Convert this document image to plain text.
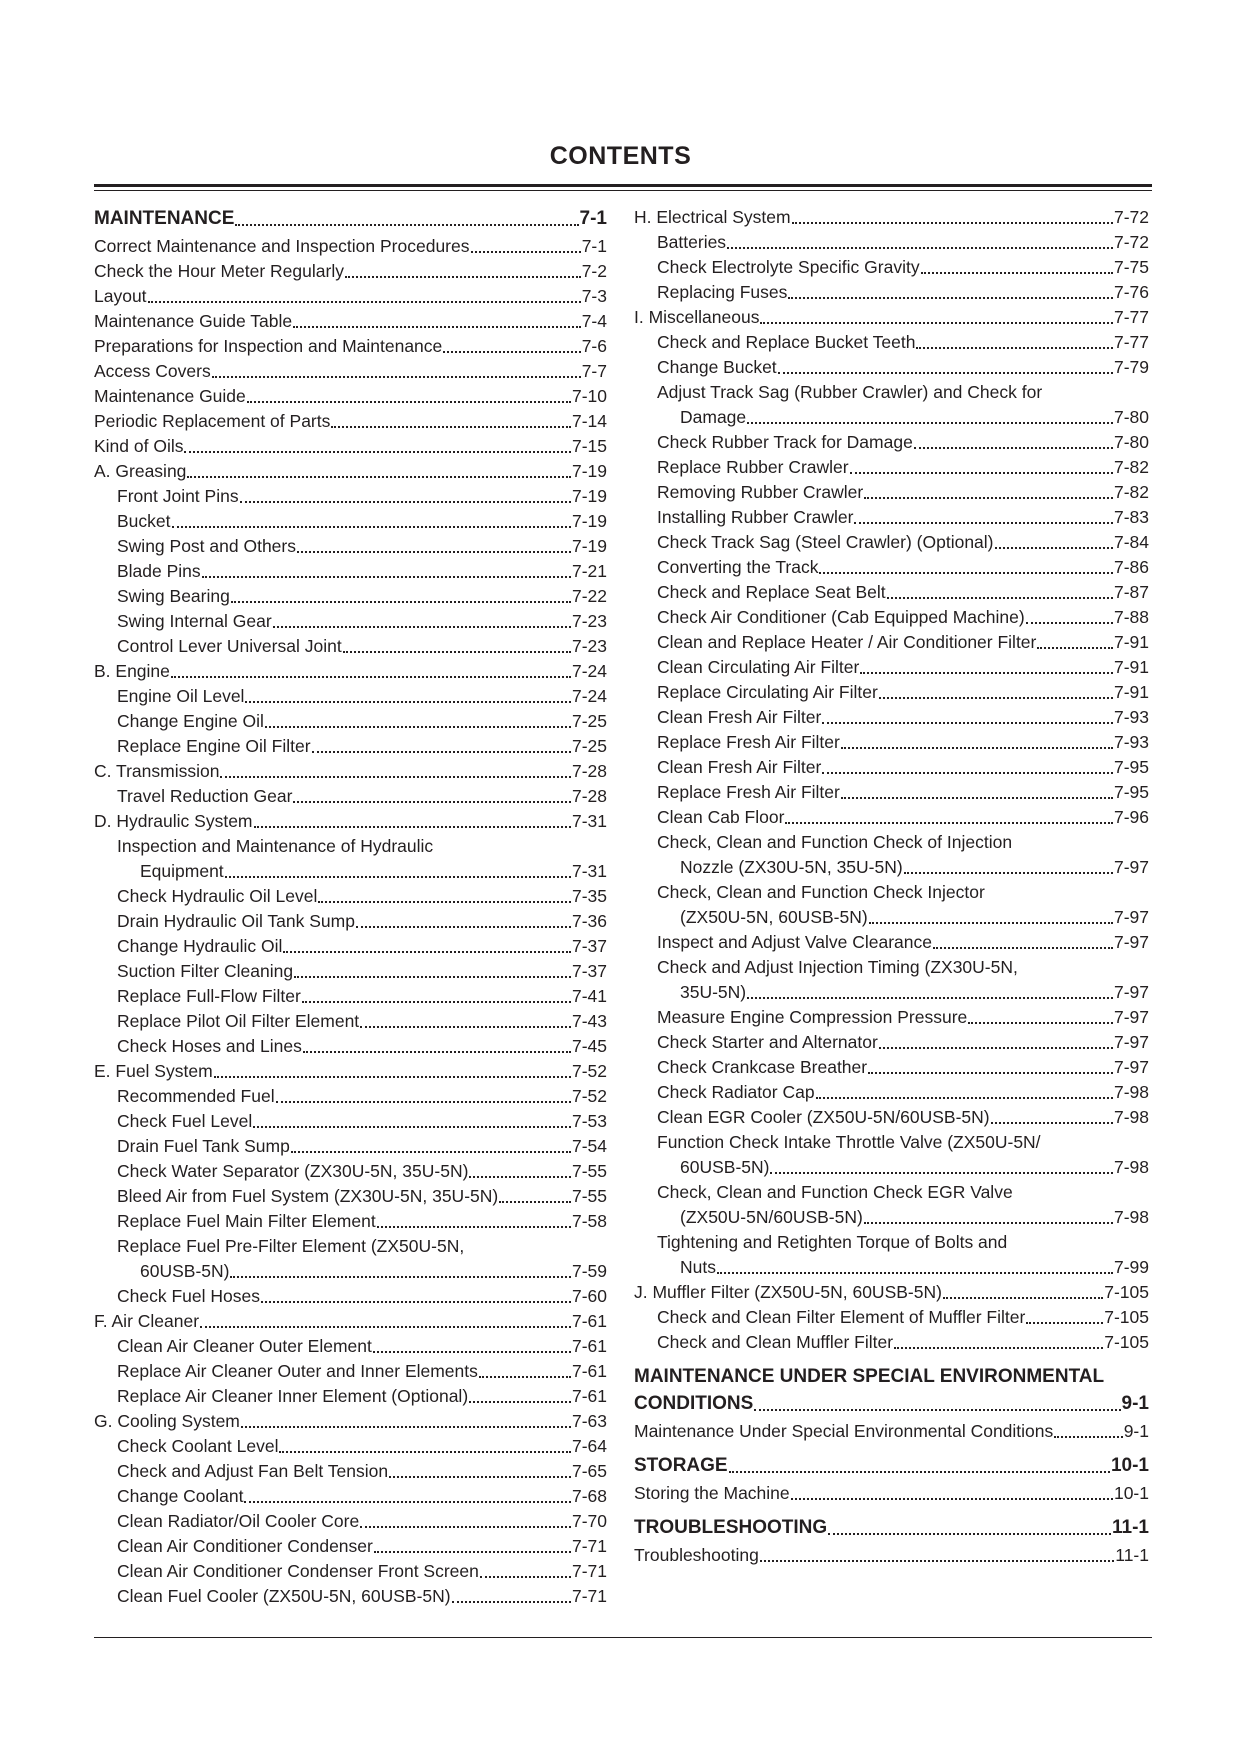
CONTENTS
MAINTENANCE	7-1
Correct Maintenance and Inspection Procedures	7-1
Check the Hour Meter Regularly	7-2
Layout	7-3
Maintenance Guide Table	7-4
Preparations for Inspection and Maintenance	7-6
Access Covers	7-7
Maintenance Guide	7-10
Periodic Replacement of Parts	7-14
Kind of Oils	7-15
A. Greasing	7-19
Front Joint Pins	7-19
Bucket	7-19
Swing Post and Others	7-19
Blade Pins	7-21
Swing Bearing	7-22
Swing Internal Gear	7-23
Control Lever Universal Joint	7-23
B. Engine	7-24
Engine Oil Level	7-24
Change Engine Oil	7-25
Replace Engine Oil Filter	7-25
C. Transmission	7-28
Travel Reduction Gear	7-28
D. Hydraulic System	7-31
Inspection and Maintenance of Hydraulic
Equipment	7-31
Check Hydraulic Oil Level	7-35
Drain Hydraulic Oil Tank Sump	7-36
Change Hydraulic Oil	7-37
Suction Filter Cleaning	7-37
Replace Full-Flow Filter	7-41
Replace Pilot Oil Filter Element	7-43
Check Hoses and Lines	7-45
E. Fuel System	7-52
Recommended Fuel	7-52
Check Fuel Level	7-53
Drain Fuel Tank Sump	7-54
Check Water Separator (ZX30U-5N, 35U-5N)	7-55
Bleed Air from Fuel System (ZX30U-5N, 35U-5N)	7-55
Replace Fuel Main Filter Element	7-58
Replace Fuel Pre-Filter Element (ZX50U-5N,
60USB-5N)	7-59
Check Fuel Hoses	7-60
F. Air Cleaner	7-61
Clean Air Cleaner Outer Element	7-61
Replace Air Cleaner Outer and Inner Elements	7-61
Replace Air Cleaner Inner Element (Optional)	7-61
G. Cooling System	7-63
Check Coolant Level	7-64
Check and Adjust Fan Belt Tension	7-65
Change Coolant	7-68
Clean Radiator/Oil Cooler Core	7-70
Clean Air Conditioner Condenser	7-71
Clean Air Conditioner Condenser Front Screen	7-71
Clean Fuel Cooler (ZX50U-5N, 60USB-5N)	7-71
H. Electrical System	7-72
Batteries	7-72
Check Electrolyte Specific Gravity	7-75
Replacing Fuses	7-76
I. Miscellaneous	7-77
Check and Replace Bucket Teeth	7-77
Change Bucket	7-79
Adjust Track Sag (Rubber Crawler) and Check for
Damage	7-80
Check Rubber Track for Damage	7-80
Replace Rubber Crawler	7-82
Removing Rubber Crawler	7-82
Installing Rubber Crawler	7-83
Check Track Sag (Steel Crawler) (Optional)	7-84
Converting the Track	7-86
Check and Replace Seat Belt	7-87
Check Air Conditioner (Cab Equipped Machine)	7-88
Clean and Replace Heater / Air Conditioner Filter	7-91
Clean Circulating Air Filter	7-91
Replace Circulating Air Filter	7-91
Clean Fresh Air Filter	7-93
Replace Fresh Air Filter	7-93
Clean Fresh Air Filter	7-95
Replace Fresh Air Filter	7-95
Clean Cab Floor	7-96
Check, Clean and Function Check of Injection
Nozzle (ZX30U-5N, 35U-5N)	7-97
Check, Clean and Function Check Injector
(ZX50U-5N, 60USB-5N)	7-97
Inspect and Adjust Valve Clearance	7-97
Check and Adjust Injection Timing (ZX30U-5N,
35U-5N)	7-97
Measure Engine Compression Pressure	7-97
Check Starter and Alternator	7-97
Check Crankcase Breather	7-97
Check Radiator Cap	7-98
Clean EGR Cooler (ZX50U-5N/60USB-5N)	7-98
Function Check Intake Throttle Valve (ZX50U-5N/
60USB-5N)	7-98
Check, Clean and Function Check EGR Valve
(ZX50U-5N/60USB-5N)	7-98
Tightening and Retighten Torque of Bolts and
Nuts	7-99
J. Muffler Filter (ZX50U-5N, 60USB-5N)	7-105
Check and Clean Filter Element of Muffler Filter	7-105
Check and Clean Muffler Filter	7-105
MAINTENANCE UNDER SPECIAL ENVIRONMENTAL
CONDITIONS	9-1
Maintenance Under Special Environmental Conditions	9-1
STORAGE	10-1
Storing the Machine	10-1
TROUBLESHOOTING	11-1
Troubleshooting	11-1
